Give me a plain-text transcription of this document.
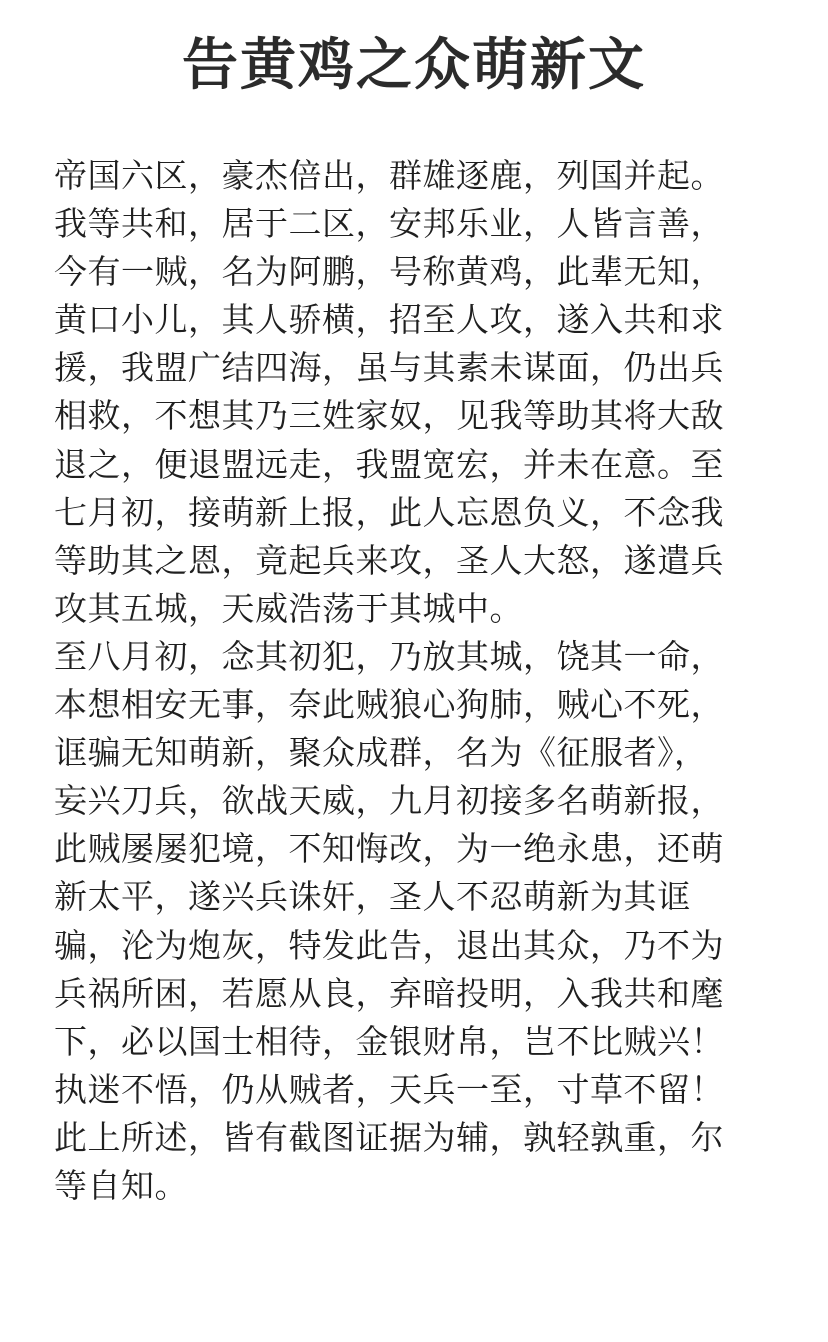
告黄鸡之众萌新文
帝国六区，豪杰倍出，群雄逐鹿，列国并起。
我等共和，居于二区，安邦乐业，人皆言善，
今有一贼，名为阿鹏，号称黄鸡，此辈无知，
黄口小儿，其人骄横，招至人攻，遂入共和求
援，我盟广结四海，虽与其素未谋面，仍出兵
相救，不想其乃三姓家奴，见我等助其将大敌
退之，便退盟远走，我盟宽宏，并未在意。至
七月初，接萌新上报，此人忘恩负义，不念我
等助其之恩，竟起兵来攻，圣人大怒，遂遣兵
攻其五城，天威浩荡于其城中。
至八月初，念其初犯，乃放其城，饶其一命，
本想相安无事，奈此贼狼心狗肺，贼心不死，
诓骗无知萌新，聚众成群，名为《征服者》，
妄兴刀兵，欲战天威，九月初接多名萌新报，
此贼屡屡犯境，不知悔改，为一绝永患，还萌
新太平，遂兴兵诛奸，圣人不忍萌新为其诓
骗，沦为炮灰，特发此告，退出其众，乃不为
兵祸所困，若愿从良，弃暗投明，入我共和麾
下，必以国士相待，金银财帛，岂不比贼兴！
执迷不悟，仍从贼者，天兵一至，寸草不留！
此上所述，皆有截图证据为辅，孰轻孰重，尔
等自知。
